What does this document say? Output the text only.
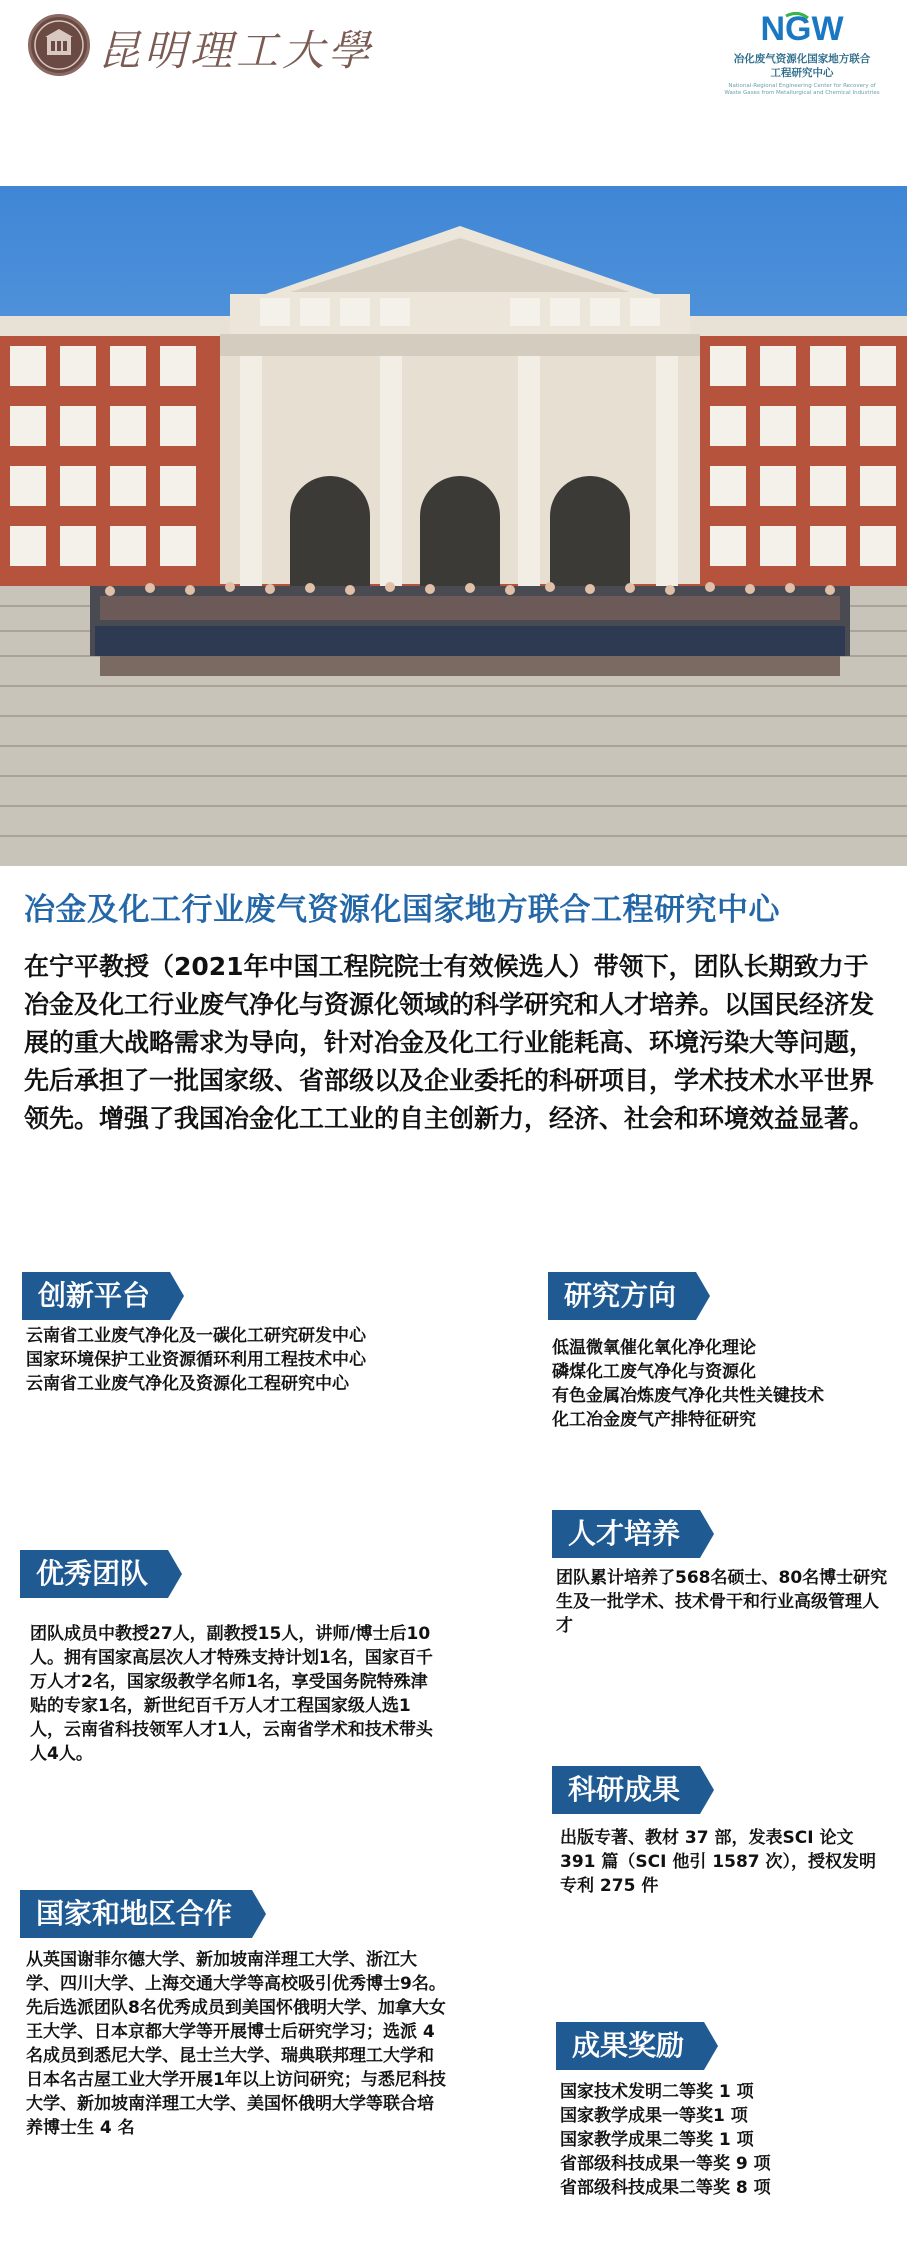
昆明理工大學	NGW
冶化废气资源化国家地方联合
工程研究中心
National-Regional Engineering Center for Recovery of Waste Gases from Metallurgical and Chemical Industries
冶金及化工行业废气资源化国家地方联合工程研究中心
在宁平教授（2021年中国工程院院士有效候选人）带领下，团队长期致力于冶金及化工行业废气净化与资源化领域的科学研究和人才培养。以国民经济发展的重大战略需求为导向，针对冶金及化工行业能耗高、环境污染大等问题，先后承担了一批国家级、省部级以及企业委托的科研项目，学术技术水平世界领先。增强了我国冶金化工工业的自主创新力，经济、社会和环境效益显著。
创新平台
云南省工业废气净化及一碳化工研究研发中心
国家环境保护工业资源循环利用工程技术中心
云南省工业废气净化及资源化工程研究中心
研究方向
低温微氧催化氧化净化理论
磷煤化工废气净化与资源化
有色金属冶炼废气净化共性关键技术
化工冶金废气产排特征研究
人才培养
团队累计培养了568名硕士、80名博士研究生及一批学术、技术骨干和行业高级管理人才
优秀团队
团队成员中教授27人，副教授15人，讲师/博士后10人。拥有国家高层次人才特殊支持计划1名，国家百千万人才2名，国家级教学名师1名，享受国务院特殊津贴的专家1名，新世纪百千万人才工程国家级人选1人，云南省科技领军人才1人，云南省学术和技术带头人4人。
科研成果
出版专著、教材 37 部，发表SCI 论文 391 篇（SCI 他引 1587 次），授权发明专利 275 件
国家和地区合作
从英国谢菲尔德大学、新加坡南洋理工大学、浙江大学、四川大学、上海交通大学等高校吸引优秀博士9名。先后选派团队8名优秀成员到美国怀俄明大学、加拿大女王大学、日本京都大学等开展博士后研究学习；选派 4 名成员到悉尼大学、昆士兰大学、瑞典联邦理工大学和日本名古屋工业大学开展1年以上访问研究；与悉尼科技大学、新加坡南洋理工大学、美国怀俄明大学等联合培养博士生 4 名
成果奖励
国家技术发明二等奖 1 项
国家教学成果一等奖1 项
国家教学成果二等奖 1 项
省部级科技成果一等奖 9 项
省部级科技成果二等奖 8 项
